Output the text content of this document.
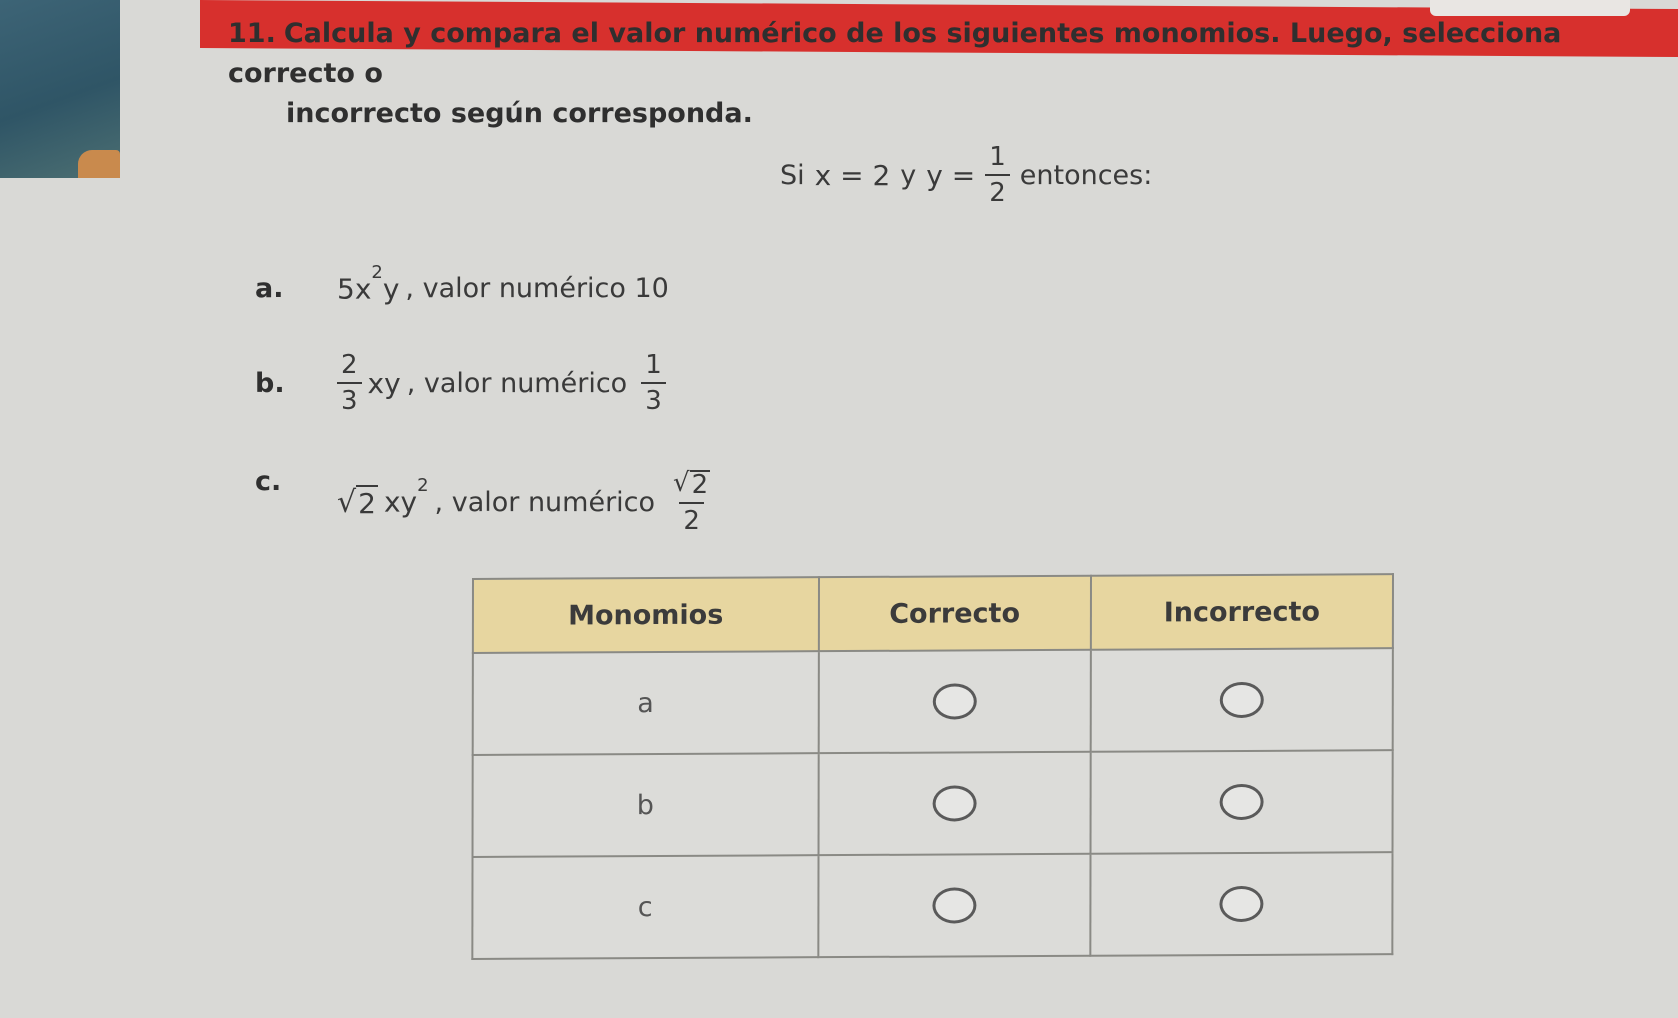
11. Calcula y compara el valor numérico de los siguientes monomios. Luego, selecciona correcto o
incorrecto según corresponda.
Si x = 2 y $y = \frac{1}{2}$ entonces:
a.	$5x^2y$ , valor numérico 10
b.	$\frac{2}{3}$ xy , valor numérico $\frac{1}{3}$
c.
√ 2 $xy^2$
, valor numérico $\frac{√ 2}{2}$
Monomios	Correcto	Incorrecto
a		
b		
c		
